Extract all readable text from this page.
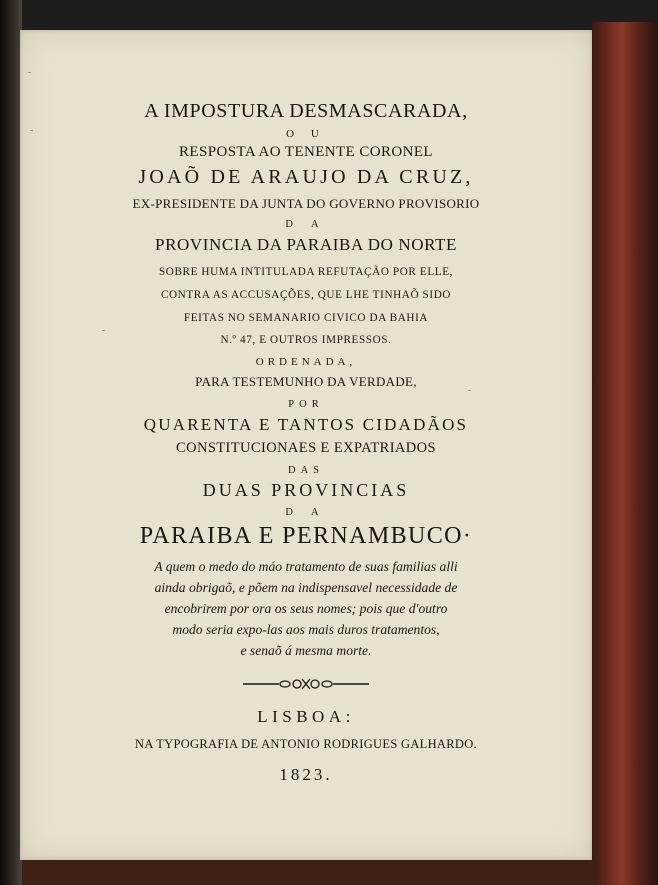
A IMPOSTURA DESMASCARADA,
O U
RESPOSTA AO TENENTE CORONEL
JOAÕ DE ARAUJO DA CRUZ,
EX-PRESIDENTE DA JUNTA DO GOVERNO PROVISORIO
D A
PROVINCIA DA PARAIBA DO NORTE
SOBRE HUMA INTITULADA REFUTAÇÃO POR ELLE,
CONTRA AS ACCUSAÇÕES, QUE LHE TINHAÕ SIDO
FEITAS NO SEMANARIO CIVICO DA BAHIA
N.º 47, E OUTROS IMPRESSOS.
ORDENADA,
PARA TESTEMUNHO DA VERDADE,
POR
QUARENTA E TANTOS CIDADÃOS
CONSTITUCIONAES E EXPATRIADOS
DAS
DUAS PROVINCIAS
D A
PARAIBA E PERNAMBUCO·
A quem o medo do máo tratamento de suas familias alli
ainda obrigaõ, e põem na indispensavel necessidade de
encobrirem por ora os seus nomes; pois que d'outro
modo seria expo-las aos mais duros tratamentos,
e senaõ á mesma morte.
LISBOA:
NA TYPOGRAFIA DE ANTONIO RODRIGUES GALHARDO.
1823.
